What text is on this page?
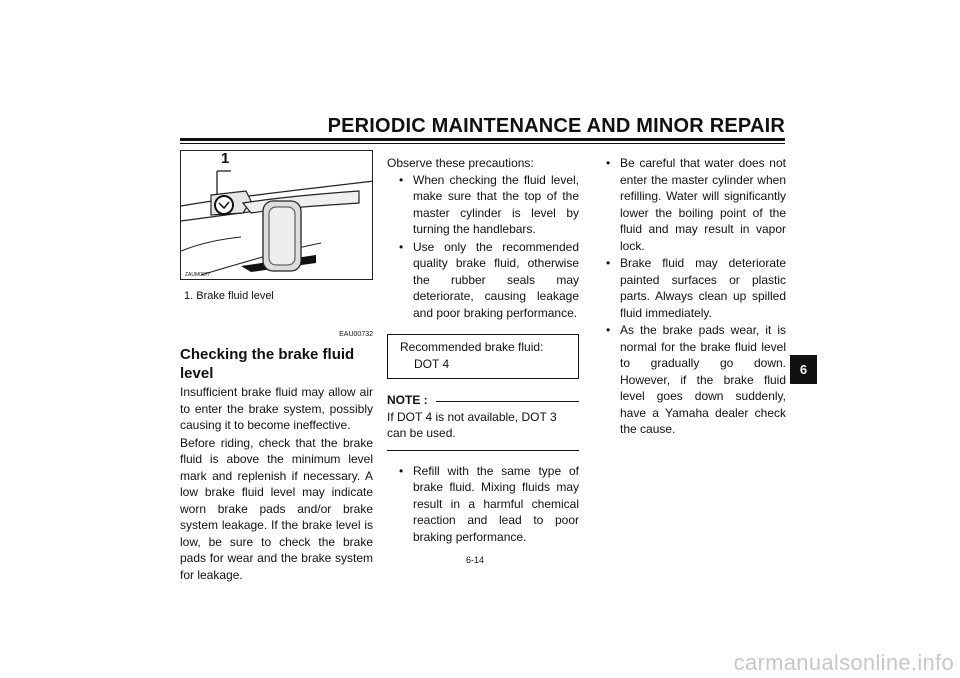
PERIODIC MAINTENANCE AND MINOR REPAIR
1
ZAUM0077
1. Brake fluid level
EAU00732
Checking the brake fluid level
Insufficient brake fluid may allow air to enter the brake system, possibly causing it to become ineffective.
Before riding, check that the brake fluid is above the minimum level mark and replenish if necessary. A low brake fluid level may indicate worn brake pads and/or brake system leakage. If the brake level is low, be sure to check the brake pads for wear and the brake system for leakage.
Observe these precautions:
• When checking the fluid level, make sure that the top of the master cylinder is level by turning the handlebars.
• Use only the recommended quality brake fluid, otherwise the rubber seals may deteriorate, causing leakage and poor braking performance.
Recommended brake fluid:
DOT 4
NOTE :
If DOT 4 is not available, DOT 3 can be used.
• Refill with the same type of brake fluid. Mixing fluids may result in a harmful chemical reaction and lead to poor braking performance.
• Be careful that water does not enter the master cylinder when refilling. Water will significantly lower the boiling point of the fluid and may result in vapor lock.
• Brake fluid may deteriorate painted surfaces or plastic parts. Always clean up spilled fluid immediately.
• As the brake pads wear, it is normal for the brake fluid level to gradually go down. However, if the brake fluid level goes down suddenly, have a Yamaha dealer check the cause.
6
6-14
carmanualsonline.info
